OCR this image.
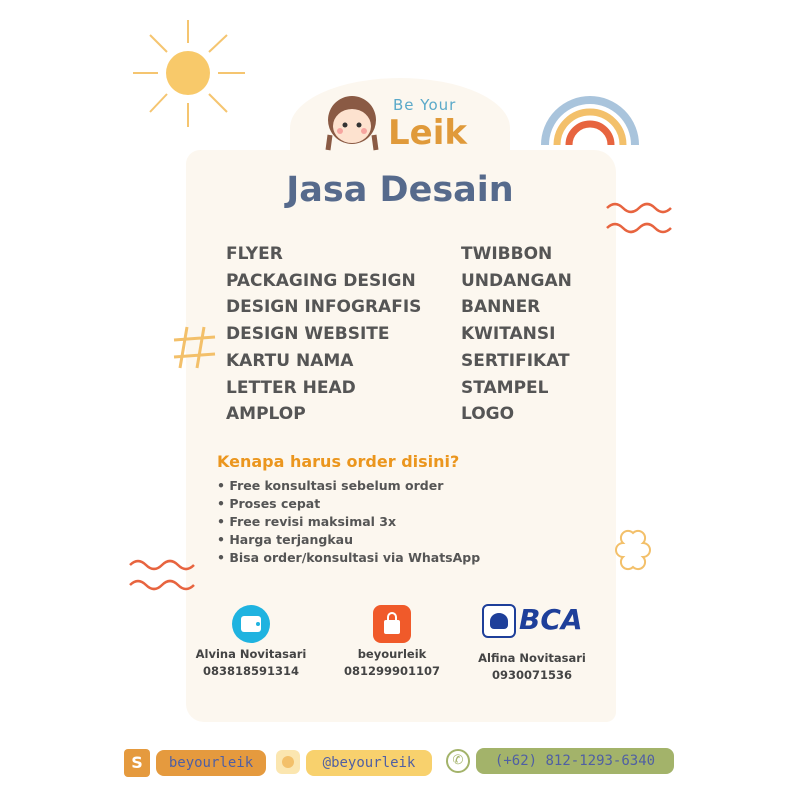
Be Your
Leik
Jasa Desain
FLYER
PACKAGING DESIGN
DESIGN INFOGRAFIS
DESIGN WEBSITE
KARTU NAMA
LETTER HEAD
AMPLOP
TWIBBON
UNDANGAN
BANNER
KWITANSI
SERTIFIKAT
STAMPEL
LOGO
Kenapa harus order disini?
• Free konsultasi sebelum order
• Proses cepat
• Free revisi maksimal 3x
• Harga terjangkau
• Bisa order/konsultasi via WhatsApp
Alvina Novitasari
083818591314
beyourleik
081299901107
BCA
Alfina Novitasari
0930071536
S	beyourleik	@beyourleik	✆	(+62) 812-1293-6340
